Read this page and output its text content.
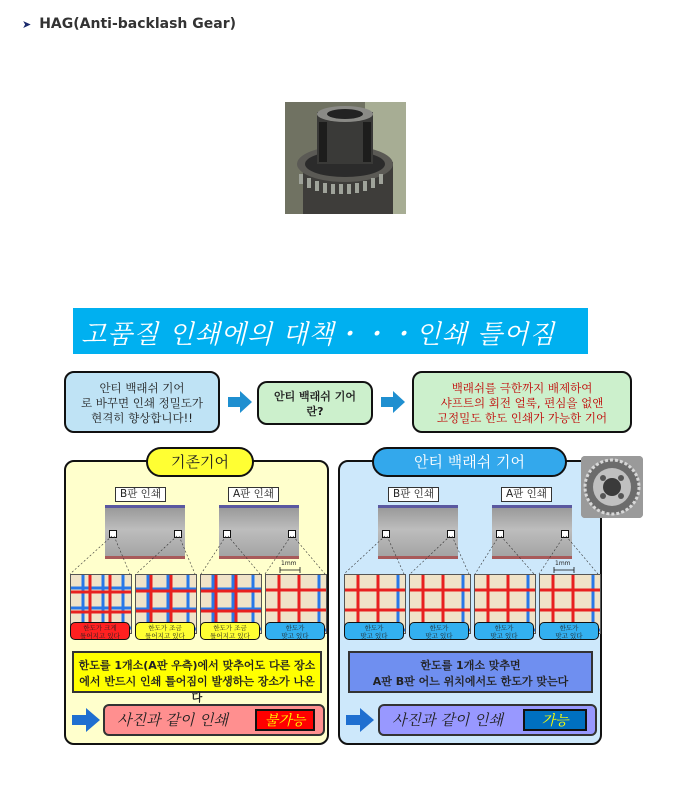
➤ HAG(Anti-backlash Gear)
고품질 인쇄에의 대책・・・인쇄 틀어짐
안티 백래쉬 기어
로 바꾸면 인쇄 정밀도가
현격히 향상합니다!!
안티 백래쉬 기어
란?
백래쉬를 극한까지 배제하여
샤프트의 회전 얼룩, 편심을 없앤
고정밀도 한도 인쇄가 가능한 기어
기존기어	안티 백래쉬 기어
B판 인쇄	A판 인쇄
1mm
한도가 크게
틀어지고 있다
한도가 조금
틀어지고 있다
한도가 조금
틀어지고 있다
한도가
맞고 있다
한도를 1개소(A판 우측)에서 맞추어도 다른 장소
에서 반드시 인쇄 틀어짐이 발생하는 장소가 나온다
사진과 같이 인쇄	불가능
B판 인쇄	A판 인쇄
1mm
한도가
맞고 있다
한도가
맞고 있다
한도가
맞고 있다
한도가
맞고 있다
한도를 1개소 맞추면
A판 B판 어느 위치에서도 한도가 맞는다
사진과 같이 인쇄	가능
